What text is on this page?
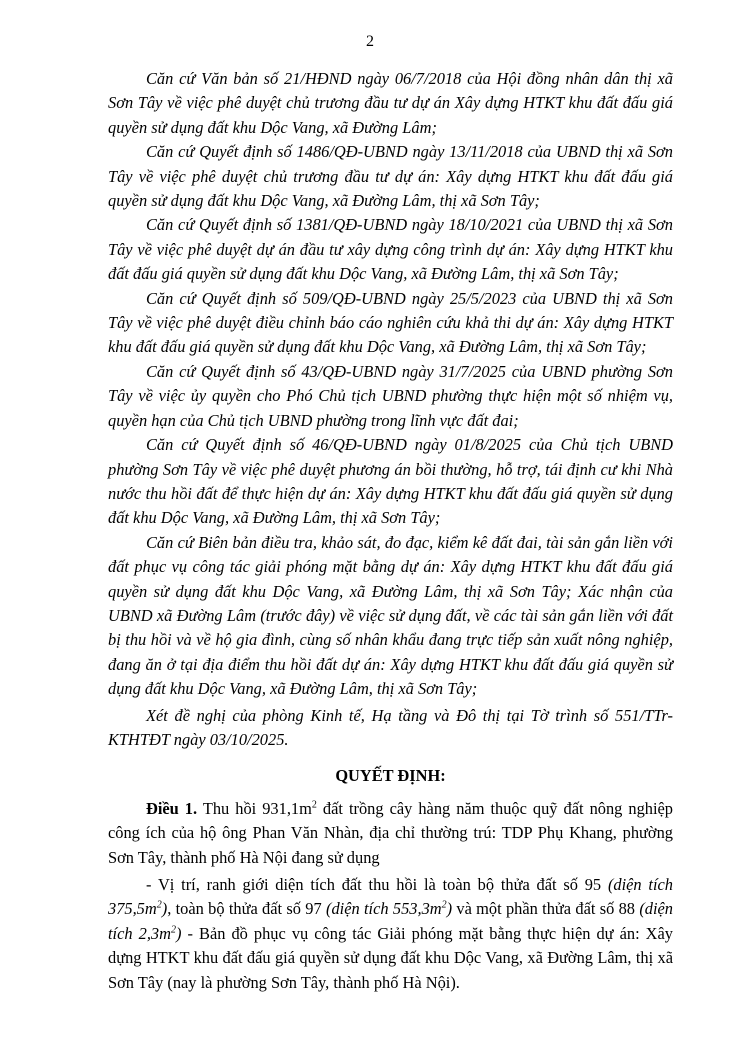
2

Căn cứ Văn bản số 21/HĐND ngày 06/7/2018 của Hội đồng nhân dân thị xã Sơn Tây về việc phê duyệt chủ trương đầu tư dự án Xây dựng HTKT khu đất đấu giá quyền sử dụng đất khu Dộc Vang, xã Đường Lâm;

Căn cứ Quyết định số 1486/QĐ-UBND ngày 13/11/2018 của UBND thị xã Sơn Tây về việc phê duyệt chủ trương đầu tư dự án: Xây dựng HTKT khu đất đấu giá quyền sử dụng đất khu Dộc Vang, xã Đường Lâm, thị xã Sơn Tây;

Căn cứ Quyết định số 1381/QĐ-UBND ngày 18/10/2021 của UBND thị xã Sơn Tây về việc phê duyệt dự án đầu tư xây dựng công trình dự án: Xây dựng HTKT khu đất đấu giá quyền sử dụng đất khu Dộc Vang, xã Đường Lâm, thị xã Sơn Tây;

Căn cứ Quyết định số 509/QĐ-UBND ngày 25/5/2023 của UBND thị xã Sơn Tây về việc phê duyệt điều chỉnh báo cáo nghiên cứu khả thi dự án: Xây dựng HTKT khu đất đấu giá quyền sử dụng đất khu Dộc Vang, xã Đường Lâm, thị xã Sơn Tây;

Căn cứ Quyết định số 43/QĐ-UBND ngày 31/7/2025 của UBND phường Sơn Tây về việc ủy quyền cho Phó Chủ tịch UBND phường thực hiện một số nhiệm vụ, quyền hạn của Chủ tịch UBND phường trong lĩnh vực đất đai;

Căn cứ Quyết định số 46/QĐ-UBND ngày 01/8/2025 của Chủ tịch UBND phường Sơn Tây về việc phê duyệt phương án bồi thường, hỗ trợ, tái định cư khi Nhà nước thu hồi đất để thực hiện dự án: Xây dựng HTKT khu đất đấu giá quyền sử dụng đất khu Dộc Vang, xã Đường Lâm, thị xã Sơn Tây;

Căn cứ Biên bản điều tra, khảo sát, đo đạc, kiểm kê đất đai, tài sản gắn liền với đất phục vụ công tác giải phóng mặt bằng dự án: Xây dựng HTKT khu đất đấu giá quyền sử dụng đất khu Dộc Vang, xã Đường Lâm, thị xã Sơn Tây; Xác nhận của UBND xã Đường Lâm (trước đây) về việc sử dụng đất, về các tài sản gắn liền với đất bị thu hồi và về hộ gia đình, cùng số nhân khẩu đang trực tiếp sản xuất nông nghiệp, đang ăn ở tại địa điểm thu hồi đất dự án: Xây dựng HTKT khu đất đấu giá quyền sử dụng đất khu Dộc Vang, xã Đường Lâm, thị xã Sơn Tây;

Xét đề nghị của phòng Kinh tế, Hạ tầng và Đô thị tại Tờ trình số 551/TTr-KTHTĐT ngày 03/10/2025.

QUYẾT ĐỊNH:

Điều 1. Thu hồi $931,1m^2$ đất trồng cây hàng năm thuộc quỹ đất nông nghiệp công ích của hộ ông Phan Văn Nhàn, địa chỉ thường trú: TDP Phụ Khang, phường Sơn Tây, thành phố Hà Nội đang sử dụng

- Vị trí, ranh giới diện tích đất thu hồi là toàn bộ thửa đất số 95 (diện tích $375,5m^2$), toàn bộ thửa đất số 97 (diện tích $553,3m^2$) và một phần thửa đất số 88 (diện tích $2,3m^2$) - Bản đồ phục vụ công tác Giải phóng mặt bằng thực hiện dự án: Xây dựng HTKT khu đất đấu giá quyền sử dụng đất khu Dộc Vang, xã Đường Lâm, thị xã Sơn Tây (nay là phường Sơn Tây, thành phố Hà Nội).
